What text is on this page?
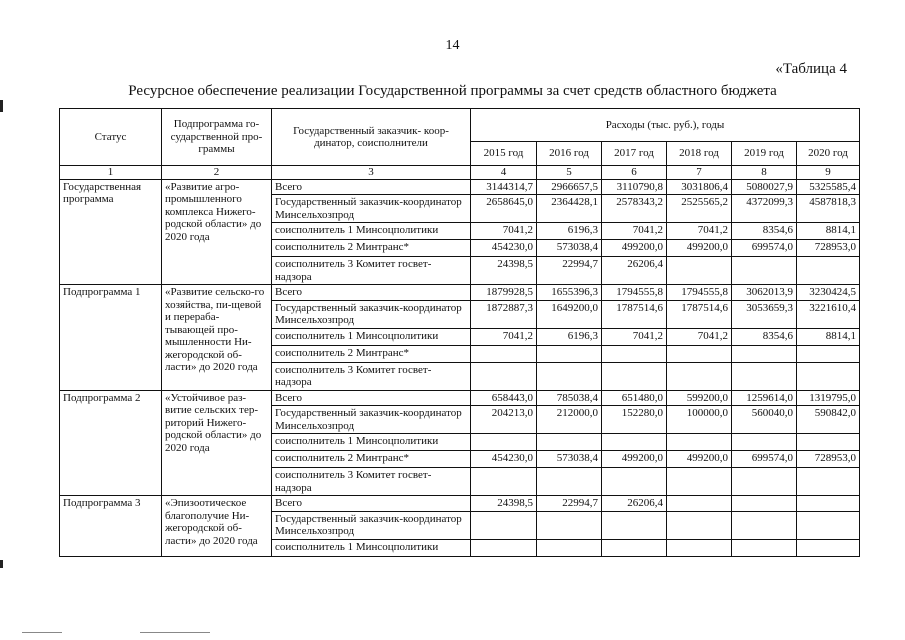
14
«Таблица 4
Ресурсное обеспечение реализации Государственной программы за счет средств областного бюджета
Статус	Подпрограмма го-сударственной про-граммы	Государственный заказчик- коор-динатор, соисполнители	Расходы (тыс. руб.), годы					
			2015 год	2016 год	2017 год	2018 год	2019 год	2020 год
1	2	3	4	5	6	7	8	9
Государственная программа	«Развитие агро-промышленного комплекса Нижего-родской области» до 2020 года	Всего	3144314,7	2966657,5	3110790,8	3031806,4	5080027,9	5325585,4
		Государственный заказчик-координатор Минсельхозпрод	2658645,0	2364428,1	2578343,2	2525565,2	4372099,3	4587818,3
		соисполнитель 1 Минсоцполитики	7041,2	6196,3	7041,2	7041,2	8354,6	8814,1
		соисполнитель 2 Минтранс*	454230,0	573038,4	499200,0	499200,0	699574,0	728953,0
		соисполнитель 3 Комитет госвет-надзора	24398,5	22994,7	26206,4			
Подпрограмма 1	«Развитие сельско-го хозяйства, пи-щевой и перераба-тывающей про-мышленности Ни-жегородской об-ласти» до 2020 года	Всего	1879928,5	1655396,3	1794555,8	1794555,8	3062013,9	3230424,5
		Государственный заказчик-координатор Минсельхозпрод	1872887,3	1649200,0	1787514,6	1787514,6	3053659,3	3221610,4
		соисполнитель 1 Минсоцполитики	7041,2	6196,3	7041,2	7041,2	8354,6	8814,1
		соисполнитель 2 Минтранс*						
		соисполнитель 3 Комитет госвет-надзора						
Подпрограмма 2	«Устойчивое раз-витие сельских тер-риторий Нижего-родской области» до 2020 года	Всего	658443,0	785038,4	651480,0	599200,0	1259614,0	1319795,0
		Государственный заказчик-координатор Минсельхозпрод	204213,0	212000,0	152280,0	100000,0	560040,0	590842,0
		соисполнитель 1 Минсоцполитики						
		соисполнитель 2 Минтранс*	454230,0	573038,4	499200,0	499200,0	699574,0	728953,0
		соисполнитель 3 Комитет госвет-надзора						
Подпрограмма 3	«Эпизоотическое благополучие Ни-жегородской об-ласти» до 2020 года	Всего	24398,5	22994,7	26206,4			
		Государственный заказчик-координатор Минсельхозпрод						
		соисполнитель 1 Минсоцполитики						
